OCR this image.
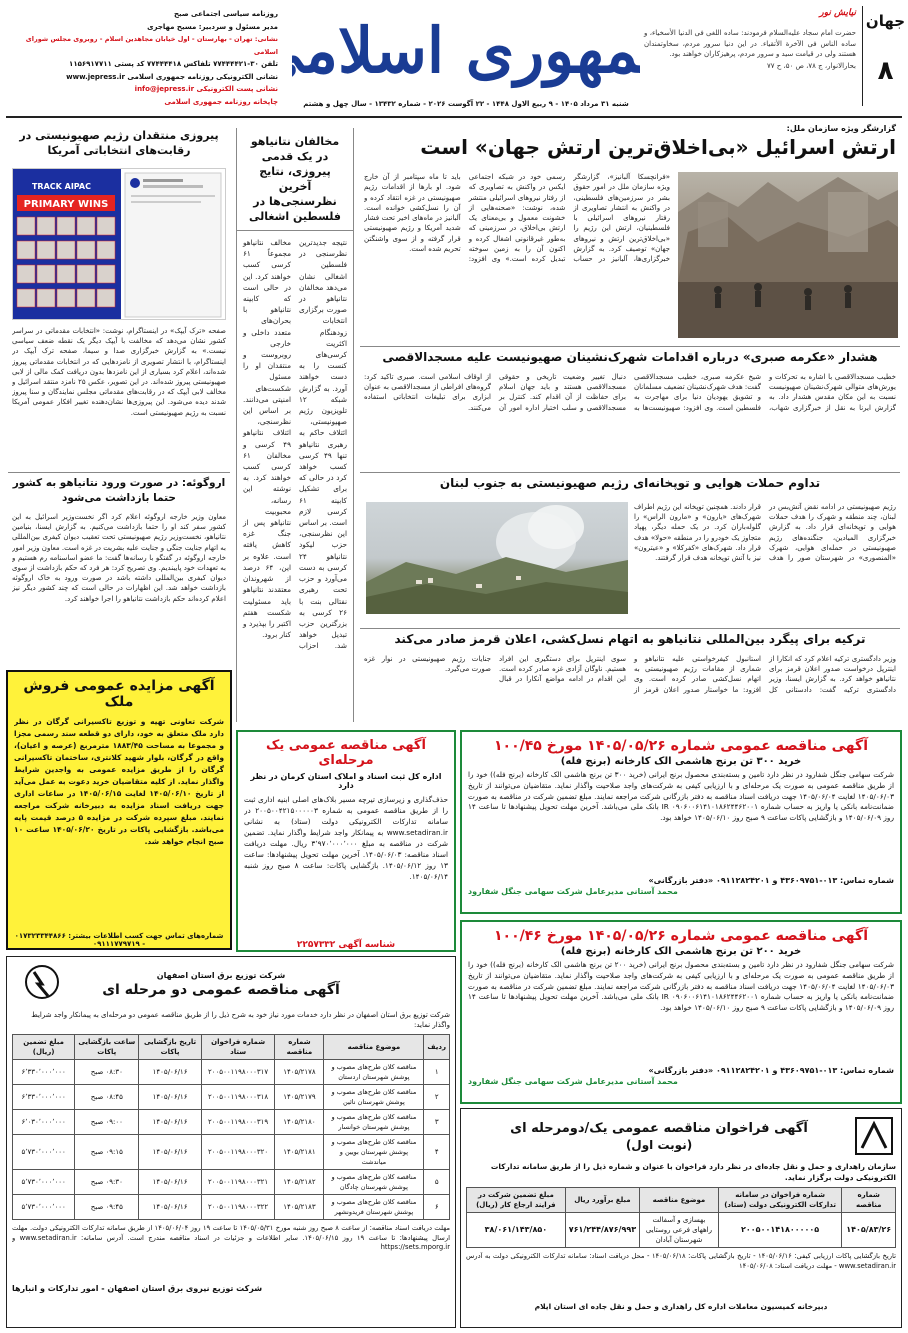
جهان
۸
نیایش نور
حضرت امام سجاد علیه‌السلام فرمودند: ساده اللغی فی الدنیا الأسخیاء، و ساده الناس فی الآخرة الأتقیاء. در این دنیا سرور مردم، سخاوتمندان هستند ولی در قیامت سید و سرور مردم، پرهیزکاران خواهند بود.
بحارالانوار، ج ۷۸، ص ۵۰، ح ۷۷
مهوری اسلام
روزنامه سیاسی اجتماعی صبح
مدیر مسئول و سردبیر: مسیح مهاجری
نشانی: تهران - بهارستان - اول خیابان مجاهدین اسلام - روبروی مجلس شورای اسلامی
تلفن ۳۰-۷۷۴۴۴۴۲۱ تلفاکس ۷۷۴۴۴۴۱۸ کد پستی ۱۱۵۶۹۱۷۷۱۱
نشانی الکترونیکی روزنامه جمهوری اسلامی www.jepress.ir
نشانی پست الکترونیکی info@jepress.ir
چاپخانه روزنامه جمهوری اسلامی	شنبه ۳۱ مرداد ۱۴۰۵ - ۹ ربیع الاول ۱۴۴۸ - ۲۲ آگوست ۲۰۲۶ - شماره ۱۳۴۳۲ - سال چهل و هشتم
گزارشگر ویژه سازمان ملل:
ارتش اسرائیل «بی‌اخلاق‌ترین ارتش جهان» است
«فرانچسکا آلبانیز»، گزارشگر ویژه سازمان ملل در امور حقوق بشر در سرزمین‌های فلسطینی، در واکنش به انتشار تصاویری از رفتار نیروهای اسرائیلی با فلسطینیان، ارتش این رژیم را «بی‌اخلاق‌ترین ارتش و نیروهای جهان» توصیف کرد. به گزارش خبرگزاری‌ها، آلبانیز در حساب رسمی خود در شبکه اجتماعی ایکس در واکنش به تصاویری که از رفتار نیروهای اسرائیلی منتشر شده، نوشت: «صحنه‌هایی از خشونت معمول و بی‌معنای یک ارتش بی‌اخلاق، در سرزمینی که به‌طور غیرقانونی اشغال کرده و اکنون آن را به زمین سوخته تبدیل کرده است.» وی افزود: باید تا ماه سپتامبر از آن خارج شود. او بارها از اقدامات رژیم صهیونیستی در غزه انتقاد کرده و آن را نسل‌کشی خوانده است. آلبانیز در ماه‌های اخیر تحت فشار شدید آمریکا و رژیم صهیونیستی قرار گرفته و از سوی واشنگتن تحریم شده است.
مخالفان نتانیاهو در یک قدمی پیروزی، نتایج آخرین نظرسنجی‌ها در فلسطین اشغالی
نتیجه جدیدترین نظرسنجی در فلسطین اشغالی نشان می‌دهد مخالفان نتانیاهو در صورت برگزاری انتخابات زودهنگام اکثریت کرسی‌های کنست را به دست خواهند آورد. به گزارش شبکه ۱۲ تلویزیون رژیم صهیونیستی، ائتلاف حاکم به رهبری نتانیاهو تنها ۴۹ کرسی کسب خواهد کرد در حالی که برای تشکیل کابینه ۶۱ کرسی لازم است. بر اساس این نظرسنجی، حزب لیکود نتانیاهو ۲۴ کرسی به دست می‌آورد و حزب تحت رهبری نفتالی بنت با ۲۶ کرسی به بزرگترین حزب تبدیل خواهد شد. احزاب مخالف نتانیاهو مجموعاً ۶۱ کرسی کسب خواهند کرد. این در حالی است که کابینه نتانیاهو با بحران‌های متعدد داخلی و خارجی روبروست و منتقدان او را مسئول شکست‌های امنیتی می‌دانند. بر اساس این نظرسنجی، ائتلاف نتانیاهو ۴۹ کرسی و مخالفان ۶۱ کرسی کسب خواهند کرد. به نوشته این رسانه، محبوبیت نتانیاهو پس از جنگ غزه کاهش یافته است. علاوه بر این، ۶۴ درصد از شهروندان معتقدند نتانیاهو باید مسئولیت شکست هفتم اکتبر را بپذیرد و کنار برود.
پیروزی منتقدان رژیم صهیونیستی در رقابت‌های انتخاباتی آمریکا
TRACK AIPAC
PRIMARY WINS
صفحه «ترک آیپک» در اینستاگرام، نوشت: «انتخابات مقدماتی در سراسر کشور نشان می‌دهد که مخالفت با آیپک دیگر یک نقطه ضعف سیاسی نیست.» به گزارش خبرگزاری صدا و سیما، صفحه ترک آیپک در اینستاگرام، با انتشار تصویری از نامزدهایی که در انتخابات مقدماتی پیروز شده‌اند، اعلام کرد بسیاری از این نامزدها بدون دریافت کمک مالی از لابی صهیونیستی پیروز شده‌اند. در این تصویر، عکس ۲۵ نامزد منتقد اسرائیل و مخالف لابی آیپک که در رقابت‌های مقدماتی مجلس نمایندگان و سنا پیروز شدند دیده می‌شود. این پیروزی‌ها نشان‌دهنده تغییر افکار عمومی آمریکا نسبت به رژیم صهیونیستی است.
اروگوئه: در صورت ورود نتانیاهو به کشور حتما بازداشت می‌شود
معاون وزیر خارجه اروگوئه اعلام کرد اگر نخست‌وزیر اسرائیل به این کشور سفر کند او را حتما بازداشت می‌کنیم. به گزارش ایسنا، بنیامین نتانیاهو، نخست‌وزیر رژیم صهیونیستی تحت تعقیب دیوان کیفری بین‌المللی به اتهام جنایت جنگی و جنایت علیه بشریت در غزه است. معاون وزیر امور خارجه اروگوئه در گفتگو با رسانه‌ها گفت: ما عضو اساسنامه رم هستیم و به تعهدات خود پایبندیم. وی تصریح کرد: هر فرد که حکم بازداشت از سوی دیوان کیفری بین‌المللی داشته باشد در صورت ورود به خاک اروگوئه بازداشت خواهد شد. این اظهارات در حالی است که چند کشور دیگر نیز اعلام کرده‌اند حکم بازداشت نتانیاهو را اجرا خواهند کرد.
هشدار «عکرمه صبری» درباره اقدامات شهرک‌نشینان صهیونیست علیه مسجدالاقصی
خطیب مسجدالاقصی با اشاره به تحرکات و یورش‌های متوالی شهرک‌نشینان صهیونیست نسبت به این مکان مقدس هشدار داد. به گزارش ایرنا به نقل از خبرگزاری شهاب، شیخ عکرمه صبری، خطیب مسجدالاقصی گفت: هدف شهرک‌نشینان تضعیف مسلمانان و تشویق یهودیان دنیا برای مهاجرت به فلسطین است. وی افزود: صهیونیست‌ها به دنبال تغییر وضعیت تاریخی و حقوقی مسجدالاقصی هستند و باید جهان اسلام برای حفاظت از آن اقدام کند. کنترل بر مسجدالاقصی و سلب اختیار اداره امور آن از اوقاف اسلامی است. صبری تاکید کرد: گروه‌های افراطی از مسجدالاقصی به عنوان ابزاری برای تبلیغات انتخاباتی استفاده می‌کنند.
تداوم حملات هوایی و توپخانه‌ای رژیم صهیونیستی به جنوب لبنان
رژیم صهیونیستی در ادامه نقض آتش‌بس در لبنان، چند منطقه و شهرک را هدف حملات هوایی و توپخانه‌ای قرار داد. به گزارش خبرگزاری المیادین، جنگنده‌های رژیم صهیونیستی در حمله‌ای هوایی، شهرک «المنصوری» در شهرستان صور را هدف قرار دادند. همچنین توپخانه این رژیم اطراف شهرک‌های «یارون» و «مارون الراس» را گلوله‌باران کرد. در یک حمله دیگر، پهپاد متجاوز یک خودرو را در منطقه «حولا» هدف قرار داد. شهرک‌های «کفرکلا» و «عیترون» نیز با آتش توپخانه هدف قرار گرفتند.
ترکیه برای پیگرد بین‌المللی نتانیاهو به اتهام نسل‌کشی، اعلان قرمز صادر می‌کند
وزیر دادگستری ترکیه اعلام کرد که انکارا از اینترپل درخواست صدور اعلان قرمز برای نتانیاهو خواهد کرد. به گزارش ایسنا، وزیر دادگستری ترکیه گفت: دادستانی کل استانبول کیفرخواستی علیه نتانیاهو و شماری از مقامات رژیم صهیونیستی به اتهام نسل‌کشی صادر کرده است. وی افزود: ما خواستار صدور اعلان قرمز از سوی اینترپل برای دستگیری این افراد هستیم. ناوگان آزادی غزه صادر کرده است. این اقدام در ادامه مواضع آنکارا در قبال جنایات رژیم صهیونیستی در نوار غزه صورت می‌گیرد.
آگهی مزایده عمومی فروش ملک
شرکت تعاونی تهیه و توزیع تاکسیرانی گرگان در نظر دارد ملک متعلق به خود، دارای دو قطعه سند رسمی مجزا و مجموعا به مساحت ۱۸۸۳/۴۵ مترمربع (عرصه و اعیان)، واقع در گرگان، بلوار شهید کلانتری، ساختمان تاکسیرانی گرگان را از طریق مزایده عمومی به واجدین شرایط واگذار نماید. از کلیه متقاضیان خرید دعوت به عمل می‌آید از تاریخ ۱۴۰۵/۰۶/۱۰ لغایت ۱۴۰۵/۰۶/۱۵ در ساعات اداری جهت دریافت اسناد مزایده به دبیرخانه شرکت مراجعه نمایند. مبلغ سپرده شرکت در مزایده ۵ درصد قیمت پایه می‌باشد. بازگشایی پاکات در تاریخ ۱۴۰۵/۰۶/۲۰ ساعت ۱۰ صبح انجام خواهد شد.
شماره‌های تماس جهت کسب اطلاعات بیشتر: ۰۱۷۳۲۳۳۴۴۸۶۶ - ۰۹۱۱۱۷۷۹۷۱۹
آگهی مناقصه عمومی یک مرحله‌ای
اداره کل ثبت اسناد و املاک استان کرمان در نظر دارد
حذف‌گذاری و زیرسازی تیرچه مسیر بلاک‌های اصلی ابنیه اداری ثبت را از طریق مناقصه عمومی به شماره ۲۰۰۵۰۰۴۲۱۵۰۰۰۰۰۳ در سامانه تدارکات الکترونیکی دولت (ستاد) به نشانی www.setadiran.ir به پیمانکار واجد شرایط واگذار نماید. تضمین شرکت در مناقصه به مبلغ ۳٬۹۷۰٬۰۰۰٬۰۰۰ ریال. مهلت دریافت اسناد مناقصه: ۱۴۰۵/۰۶/۰۳. آخرین مهلت تحویل پیشنهادها: ساعت ۱۳ روز ۱۴۰۵/۰۶/۱۲. بازگشایی پاکات: ساعت ۸ صبح روز شنبه ۱۴۰۵/۰۶/۱۴.
شناسه آگهی ۲۲۵۷۳۳۲
آگهی مناقصه عمومی شماره ۱۴۰۵/۰۵/۲۶ مورخ ۱۰۰/۴۵
خرید ۳۰۰ تن برنج هاشمی الک کارخانه (برنج فله)
شرکت سهامی جنگل شفارود در نظر دارد تامین و بسته‌بندی محصول برنج ایرانی (خرید ۳۰۰ تن برنج هاشمی الک کارخانه (برنج فله)) خود را از طریق مناقصه عمومی به صورت یک مرحله‌ای و با ارزیابی کیفی به شرکت‌های واجد صلاحیت واگذار نماید. متقاضیان می‌توانند از تاریخ ۱۴۰۵/۰۶/۰۳ لغایت ۱۴۰۵/۰۶/۰۴ جهت دریافت اسناد مناقصه به دفتر بازرگانی شرکت مراجعه نمایند. مبلغ تضمین شرکت در مناقصه به صورت ضمانت‌نامه بانکی یا واریز به حساب شماره IR ۰۹۰۶۰۰۶۱۴۱۰۱۸۶۲۴۴۶۲۰۰۱ بانک ملی می‌باشد. آخرین مهلت تحویل پیشنهادها تا ساعت ۱۴ روز ۱۴۰۵/۰۶/۰۹ و بازگشایی پاکات ساعت ۹ صبح روز ۱۴۰۵/۰۶/۱۰ خواهد بود.
شماره تماس: ۰۱۳-۴۳۶۰۹۷۵۱ و ۰۹۱۱۲۸۲۴۲۰۱ «دفتر بازرگانی»
محمد آستانی مدیرعامل شرکت سهامی جنگل شفارود
آگهی مناقصه عمومی شماره ۱۴۰۵/۰۵/۲۶ مورخ ۱۰۰/۴۶
خرید ۲۰۰ تن برنج هاشمی الک کارخانه (برنج فله)
شرکت سهامی جنگل شفارود در نظر دارد تامین و بسته‌بندی محصول برنج ایرانی (خرید ۲۰۰ تن برنج هاشمی الک کارخانه (برنج فله)) خود را از طریق مناقصه عمومی به صورت یک مرحله‌ای و با ارزیابی کیفی به شرکت‌های واجد صلاحیت واگذار نماید. متقاضیان می‌توانند از تاریخ ۱۴۰۵/۰۶/۰۳ لغایت ۱۴۰۵/۰۶/۰۴ جهت دریافت اسناد مناقصه به دفتر بازرگانی شرکت مراجعه نمایند. مبلغ تضمین شرکت در مناقصه به صورت ضمانت‌نامه بانکی یا واریز به حساب شماره IR ۰۹۰۶۰۰۶۱۴۱۰۱۸۶۲۴۴۶۲۰۰۱ بانک ملی می‌باشد. آخرین مهلت تحویل پیشنهادها تا ساعت ۱۴ روز ۱۴۰۵/۰۶/۰۹ و بازگشایی پاکات ساعت ۹ صبح روز ۱۴۰۵/۰۶/۱۰ خواهد بود.
شماره تماس: ۰۱۳-۴۳۶۰۹۷۵۱ و ۰۹۱۱۲۸۲۴۲۰۱ «دفتر بازرگانی»
محمد آستانی مدیرعامل شرکت سهامی جنگل شفارود
شرکت توزیع برق استان اصفهان
آگهی مناقصه عمومی دو مرحله ای
شرکت توزیع برق استان اصفهان در نظر دارد خدمات مورد نیاز خود به شرح ذیل را از طریق مناقصه عمومی دو مرحله‌ای به پیمانکار واجد شرایط واگذار نماید:
ردیف	موضوع مناقصه	شماره مناقصه	شماره فراخوان ستاد	تاریخ بازگشایی پاکات	ساعت بازگشایی پاکات	مبلغ تضمین (ریال)
۱	مناقصه کلان طرح‌های مصوب و پوشش شهرستان اردستان	۱۴۰۵/۲۱۷۸	۲۰۰۵۰۰۱۱۹۸۰۰۰۳۱۷	۱۴۰۵/۰۶/۱۶	۰۸:۳۰ صبح	۶٬۳۳۰٬۰۰۰٬۰۰۰
۲	مناقصه کلان طرح‌های مصوب و پوشش شهرستان نائین	۱۴۰۵/۲۱۷۹	۲۰۰۵۰۰۱۱۹۸۰۰۰۳۱۸	۱۴۰۵/۰۶/۱۶	۰۸:۴۵ صبح	۶٬۳۳۰٬۰۰۰٬۰۰۰
۳	مناقصه کلان طرح‌های مصوب و پوشش شهرستان خوانسار	۱۴۰۵/۲۱۸۰	۲۰۰۵۰۰۱۱۹۸۰۰۰۳۱۹	۱۴۰۵/۰۶/۱۶	۰۹:۰۰ صبح	۶٬۰۳۰٬۰۰۰٬۰۰۰
۴	مناقصه کلان طرح‌های مصوب و پوشش شهرستان بویین و میاندشت	۱۴۰۵/۲۱۸۱	۲۰۰۵۰۰۱۱۹۸۰۰۰۳۲۰	۱۴۰۵/۰۶/۱۶	۰۹:۱۵ صبح	۵٬۷۳۰٬۰۰۰٬۰۰۰
۵	مناقصه کلان طرح‌های مصوب و پوشش شهرستان چادگان	۱۴۰۵/۲۱۸۲	۲۰۰۵۰۰۱۱۹۸۰۰۰۳۲۱	۱۴۰۵/۰۶/۱۶	۰۹:۳۰ صبح	۵٬۷۳۰٬۰۰۰٬۰۰۰
۶	مناقصه کلان طرح‌های مصوب و پوشش شهرستان فریدونشهر	۱۴۰۵/۲۱۸۳	۲۰۰۵۰۰۱۱۹۸۰۰۰۳۲۲	۱۴۰۵/۰۶/۱۶	۰۹:۴۵ صبح	۵٬۷۳۰٬۰۰۰٬۰۰۰
مهلت دریافت اسناد مناقصه: از ساعت ۸ صبح روز شنبه مورخ ۱۴۰۵/۰۵/۳۱ تا ساعت ۱۹ روز ۱۴۰۵/۰۶/۰۴ از طریق سامانه تدارکات الکترونیکی دولت. مهلت ارسال پیشنهادها: تا ساعت ۱۹ روز ۱۴۰۵/۰۶/۱۵. سایر اطلاعات و جزئیات در اسناد مناقصه مندرج است. آدرس سامانه: www.setadiran.ir و https://sets.mporg.ir
شرکت توزیع نیروی برق استان اصفهان - امور تدارکات و انبارها
آگهی فراخوان مناقصه عمومی یک/دومرحله ای
(نوبت اول)
سازمان راهداری و حمل و نقل جاده‌ای در نظر دارد فراخوان با عنوان و شماره ذیل را از طریق سامانه تدارکات الکترونیکی دولت برگزار نماید.
شماره مناقصه	شماره فراخوان در سامانه تدارکات الکترونیکی دولت (ستاد)	موضوع مناقصه	مبلغ برآورد ریال	مبلغ تضمین شرکت در فرایند ارجاع کار (ریال)
۱۴۰۵/۸۳/۲۶	۲۰۰۵۰۰۱۴۱۸۰۰۰۰۰۵	بهسازی و آسفالت راههای فرعی روستایی شهرستان آبادان	۷۶۱/۲۴۴/۸۷۶/۹۹۳	۳۸/۰۶۱/۱۴۳/۸۵۰
تاریخ بازگشایی پاکات ارزیابی کیفی: ۱۴۰۵/۰۶/۱۶ - تاریخ بازگشایی پاکات: ۱۴۰۵/۰۶/۱۸ - محل دریافت اسناد: سامانه تدارکات الکترونیکی دولت به آدرس www.setadiran.ir - مهلت دریافت اسناد: ۱۴۰۵/۰۶/۰۸
دبیرخانه کمیسیون معاملات اداره کل راهداری و حمل و نقل جاده ای استان ایلام
